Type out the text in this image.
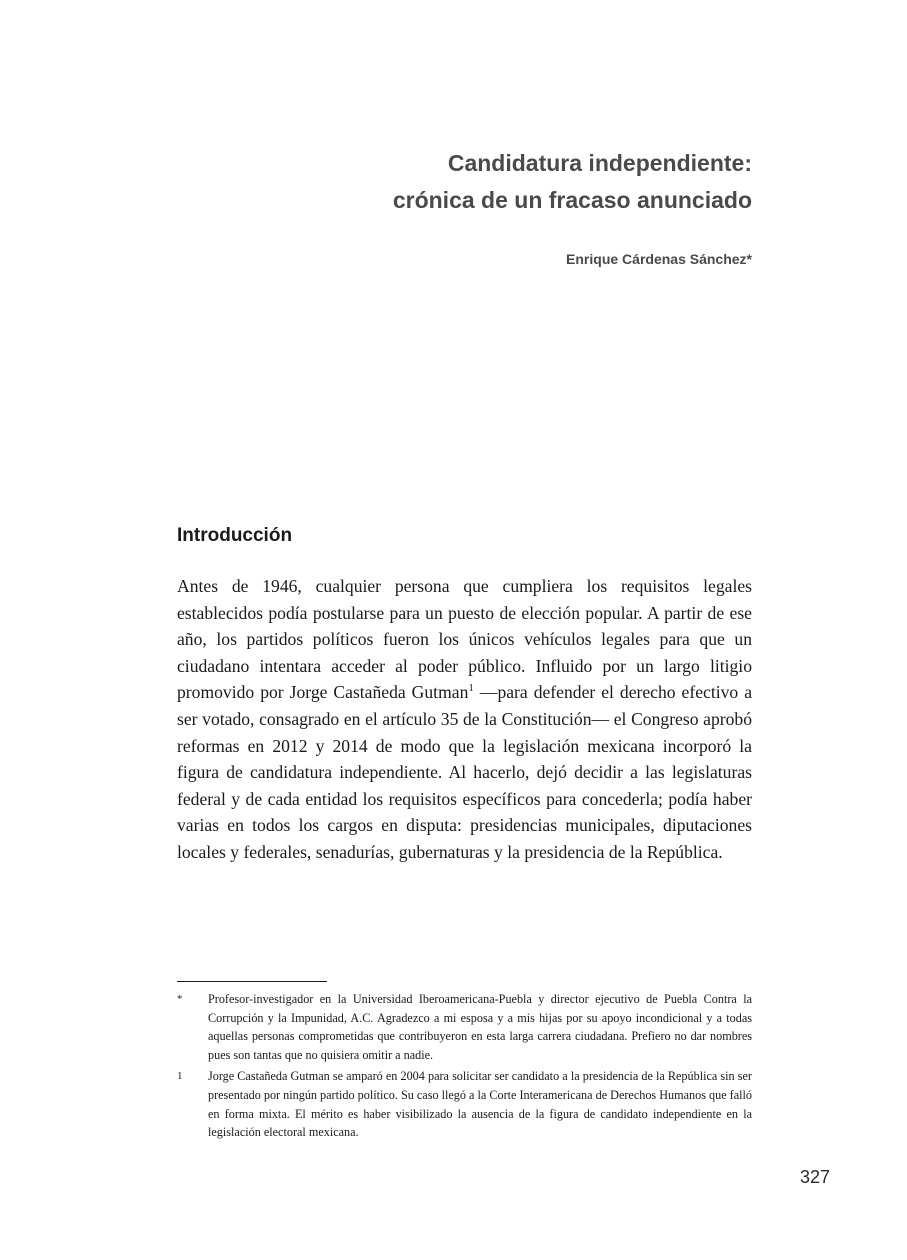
Candidatura independiente:
crónica de un fracaso anunciado

Enrique Cárdenas Sánchez*

Introducción

Antes de 1946, cualquier persona que cumpliera los requisitos legales establecidos podía postularse para un puesto de elección popular. A partir de ese año, los partidos políticos fueron los únicos vehículos legales para que un ciudadano intentara acceder al poder público. Influido por un largo litigio promovido por Jorge Castañeda Gutman$^1$ —para defender el derecho efectivo a ser votado, consagrado en el artículo 35 de la Constitución— el Congreso aprobó reformas en 2012 y 2014 de modo que la legislación mexicana incorporó la figura de candidatura independiente. Al hacerlo, dejó decidir a las legislaturas federal y de cada entidad los requisitos específicos para concederla; podía haber varias en todos los cargos en disputa: presidencias municipales, diputaciones locales y federales, senadurías, gubernaturas y la presidencia de la República.

*	Profesor-investigador en la Universidad Iberoamericana-Puebla y director ejecutivo de Puebla Contra la Corrupción y la Impunidad, A.C. Agradezco a mi esposa y a mis hijas por su apoyo incondicional y a todas aquellas personas comprometidas que contribuyeron en esta larga carrera ciudadana. Prefiero no dar nombres pues son tantas que no quisiera omitir a nadie.
1	Jorge Castañeda Gutman se amparó en 2004 para solicitar ser candidato a la presidencia de la República sin ser presentado por ningún partido político. Su caso llegó a la Corte Interamericana de Derechos Humanos que falló en forma mixta. El mérito es haber visibilizado la ausencia de la figura de candidato independiente en la legislación electoral mexicana.
327
